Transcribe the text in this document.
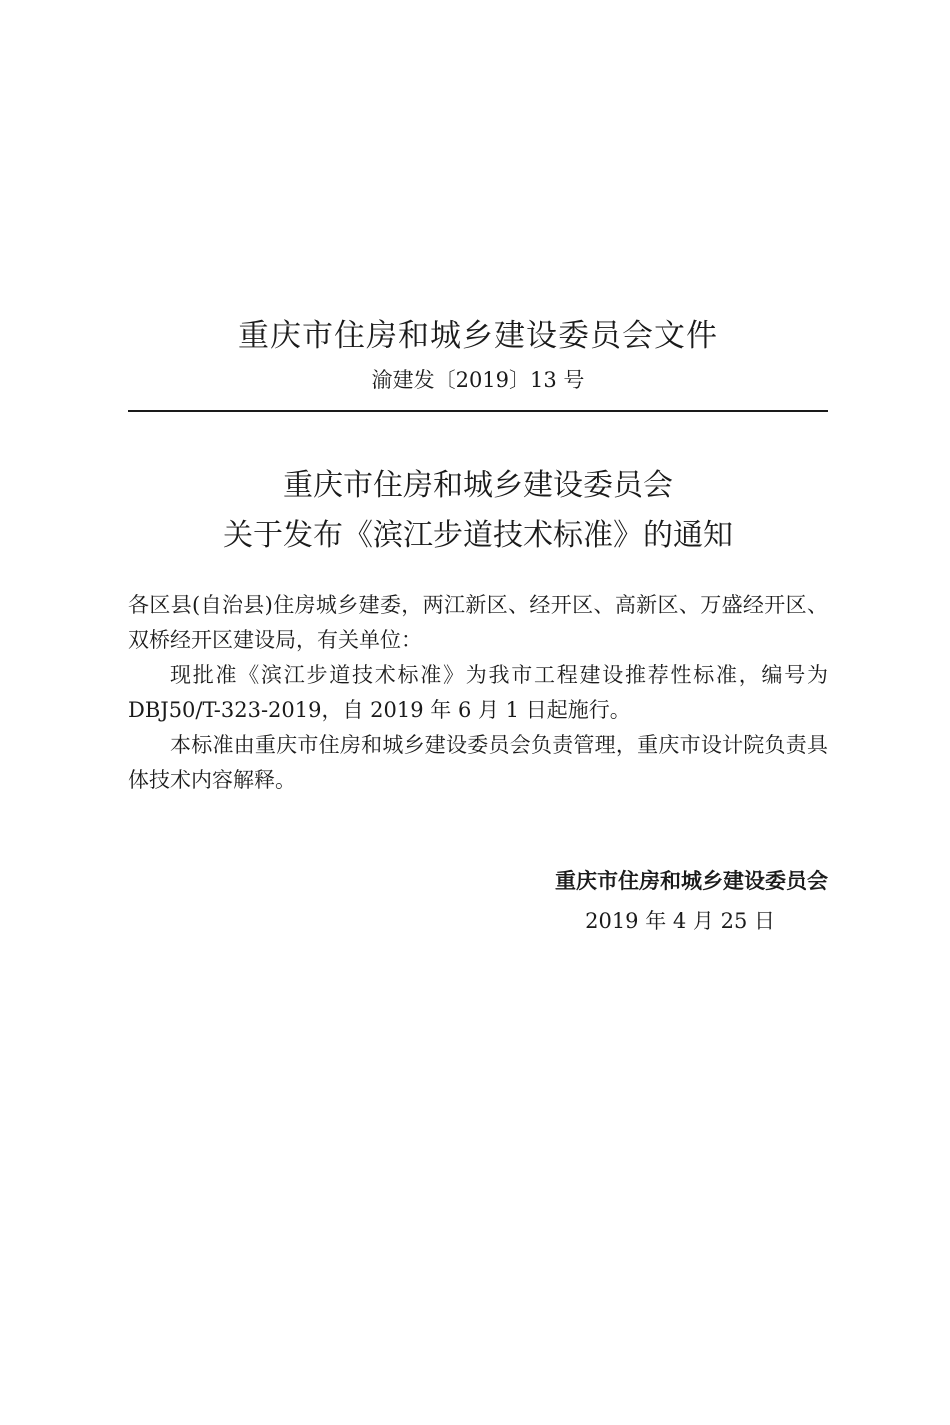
重庆市住房和城乡建设委员会文件
渝建发〔2019〕13 号
重庆市住房和城乡建设委员会
关于发布《滨江步道技术标准》的通知

各区县(自治县)住房城乡建委，两江新区、经开区、高新区、万盛经开区、双桥经开区建设局，有关单位：

现批准《滨江步道技术标准》为我市工程建设推荐性标准，编号为 DBJ50/T-323-2019，自 2019 年 6 月 1 日起施行。

本标准由重庆市住房和城乡建设委员会负责管理，重庆市设计院负责具体技术内容解释。

重庆市住房和城乡建设委员会
2019 年 4 月 25 日
